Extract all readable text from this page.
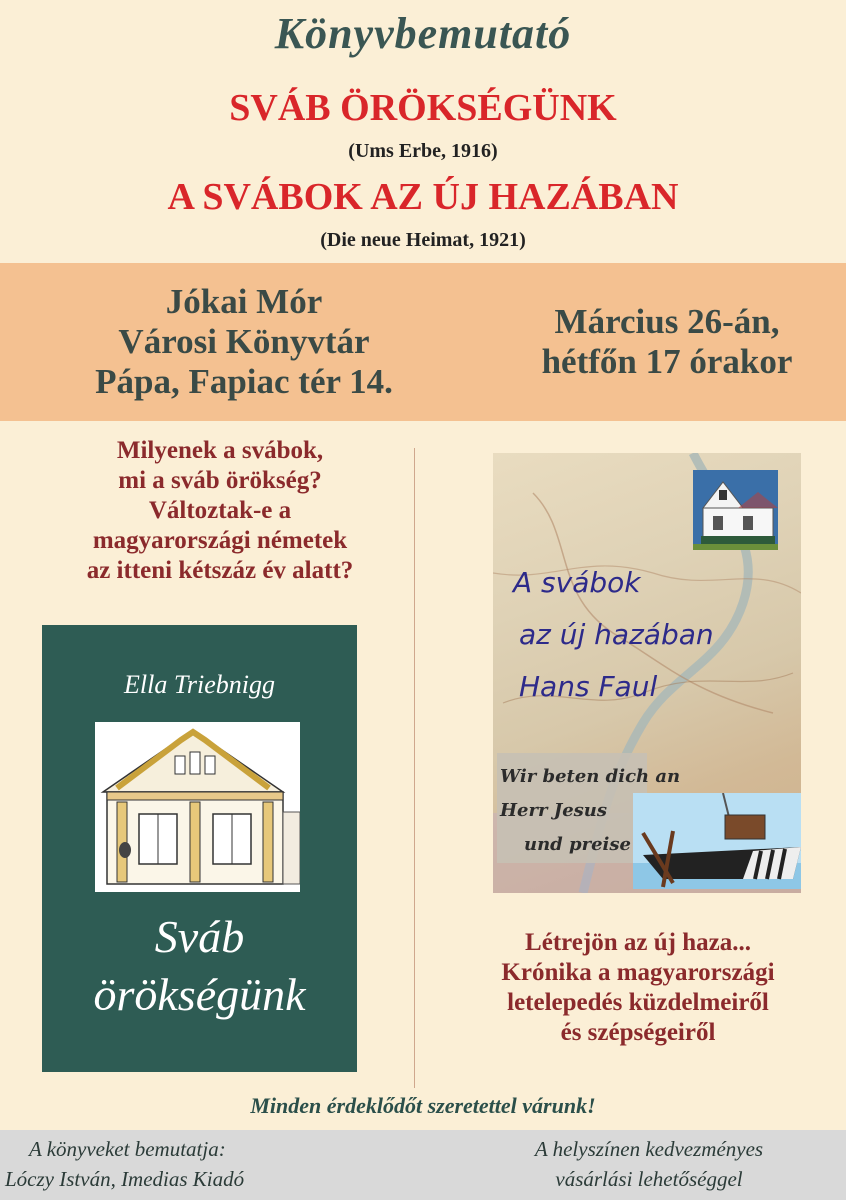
Könyvbemutató
SVÁB ÖRÖKSÉGÜNK
(Ums Erbe, 1916)
A SVÁBOK AZ ÚJ HAZÁBAN
(Die neue Heimat, 1921)
Jókai Mór
Városi Könyvtár
Pápa, Fapiac tér 14.
Március 26-án,
hétfőn 17 órakor
Milyenek a svábok,
mi a sváb örökség?
Változtak-e a
magyarországi németek
az itteni kétszáz év alatt?
Ella Triebnigg
Sváb
örökségünk
A svábok
az új hazában
Hans Faul
Wir beten dich an
Herr Jesus
und preise
Létrejön az új haza...
Krónika a magyarországi
letelepedés küzdelmeiről
és szépségeiről
Minden érdeklődőt szeretettel várunk!
A könyveket bemutatja:
Lóczy István, Imedias Kiadó
A helyszínen kedvezményes
vásárlási lehetőséggel
